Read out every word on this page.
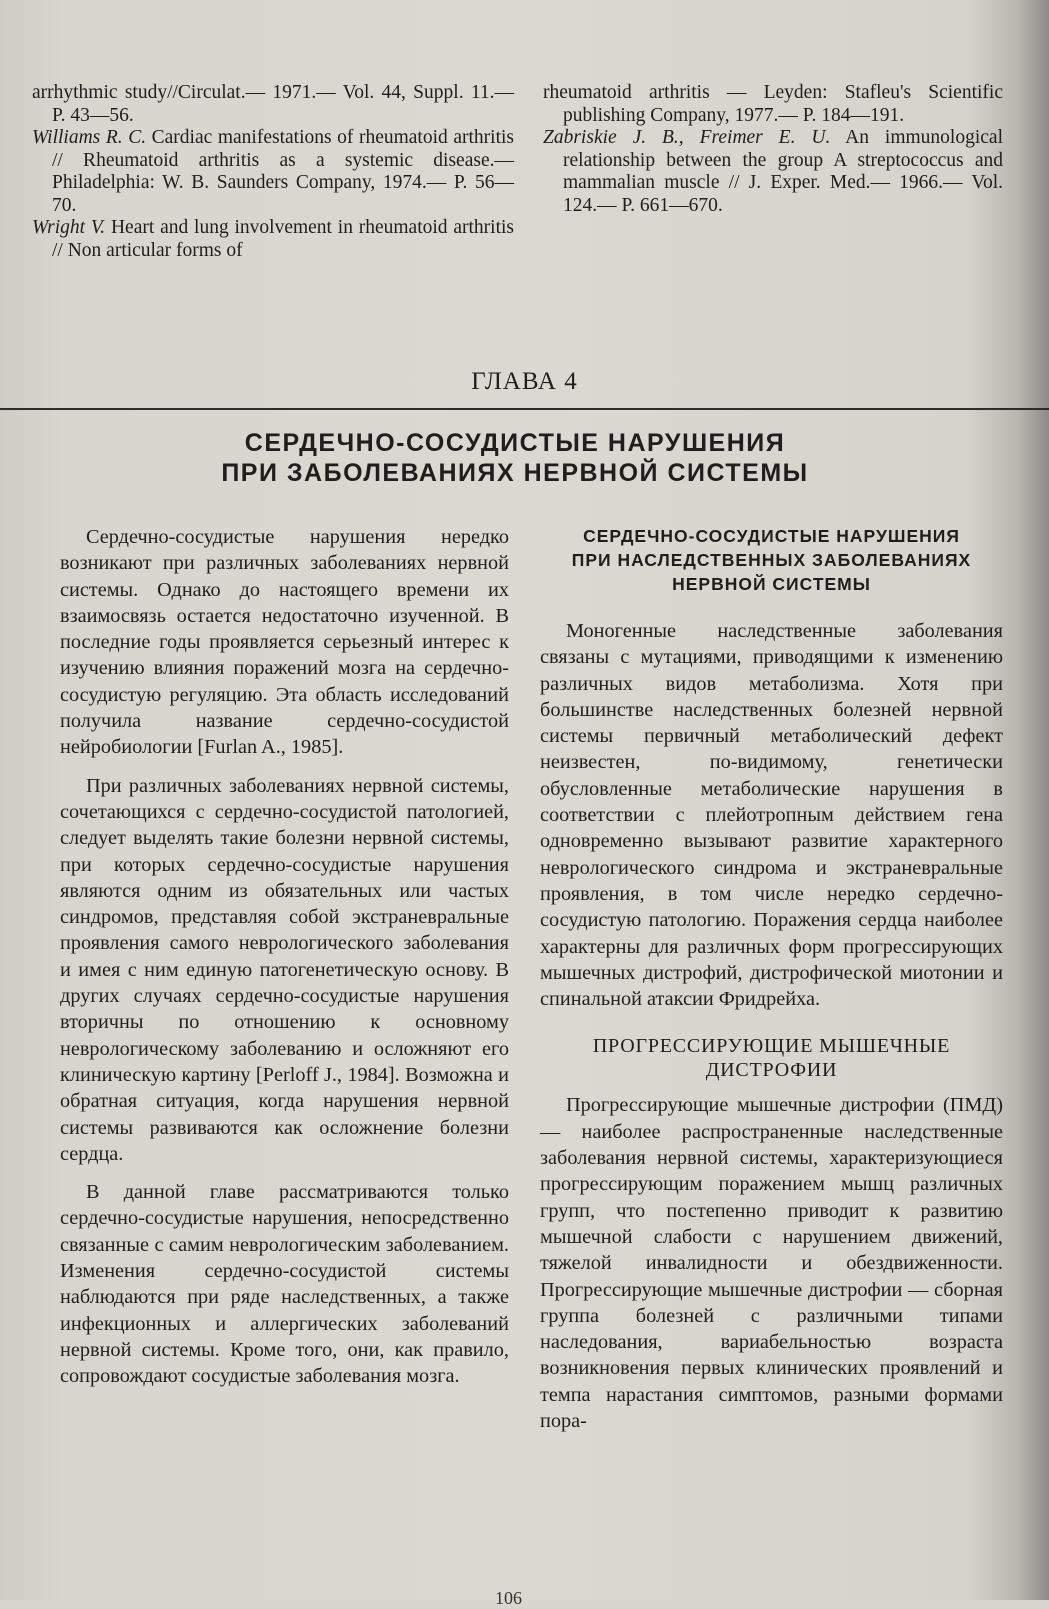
arrhythmic study//Circulat.— 1971.— Vol. 44, Suppl. 11.— P. 43—56.

Williams R. C. Cardiac manifestations of rheumatoid arthritis // Rheumatoid arthritis as a systemic disease.— Philadelphia: W. B. Saunders Company, 1974.— P. 56—70.

Wright V. Heart and lung involvement in rheumatoid arthritis // Non articular forms of

rheumatoid arthritis — Leyden: Stafleu's Scientific publishing Company, 1977.— P. 184—191.

Zabriskie J. B., Freimer E. U. An immunological relationship between the group A streptococcus and mammalian muscle // J. Exper. Med.— 1966.— Vol. 124.— P. 661—670.

ГЛАВА 4
СЕРДЕЧНО-СОСУДИСТЫЕ НАРУШЕНИЯ
ПРИ ЗАБОЛЕВАНИЯХ НЕРВНОЙ СИСТЕМЫ

Сердечно-сосудистые нарушения нередко возникают при различных заболеваниях нервной системы. Однако до настоящего времени их взаимосвязь остается недостаточно изученной. В последние годы проявляется серьезный интерес к изучению влияния поражений мозга на сердечно-сосудистую регуляцию. Эта область исследований получила название сердечно-сосудистой нейробиологии [Furlan A., 1985].

При различных заболеваниях нервной системы, сочетающихся с сердечно-сосудистой патологией, следует выделять такие болезни нервной системы, при которых сердечно-сосудистые нарушения являются одним из обязательных или частых синдромов, представляя собой экстраневральные проявления самого неврологического заболевания и имея с ним единую патогенетическую основу. В других случаях сердечно-сосудистые нарушения вторичны по отношению к основному неврологическому заболеванию и осложняют его клиническую картину [Perloff J., 1984]. Возможна и обратная ситуация, когда нарушения нервной системы развиваются как осложнение болезни сердца.

В данной главе рассматриваются только сердечно-сосудистые нарушения, непосредственно связанные с самим неврологическим заболеванием. Изменения сердечно-сосудистой системы наблюдаются при ряде наследственных, а также инфекционных и аллергических заболеваний нервной системы. Кроме того, они, как правило, сопровождают сосудистые заболевания мозга.

СЕРДЕЧНО-СОСУДИСТЫЕ НАРУШЕНИЯ
ПРИ НАСЛЕДСТВЕННЫХ ЗАБОЛЕВАНИЯХ
НЕРВНОЙ СИСТЕМЫ

Моногенные наследственные заболевания связаны с мутациями, приводящими к изменению различных видов метаболизма. Хотя при большинстве наследственных болезней нервной системы первичный метаболический дефект неизвестен, по-видимому, генетически обусловленные метаболические нарушения в соответствии с плейотропным действием гена одновременно вызывают развитие характерного неврологического синдрома и экстраневральные проявления, в том числе нередко сердечно-сосудистую патологию. Поражения сердца наиболее характерны для различных форм прогрессирующих мышечных дистрофий, дистрофической миотонии и спинальной атаксии Фридрейха.

ПРОГРЕССИРУЮЩИЕ МЫШЕЧНЫЕ
ДИСТРОФИИ

Прогрессирующие мышечные дистрофии (ПМД) — наиболее распространенные наследственные заболевания нервной системы, характеризующиеся прогрессирующим поражением мышц различных групп, что постепенно приводит к развитию мышечной слабости с нарушением движений, тяжелой инвалидности и обездвиженности. Прогрессирующие мышечные дистрофии — сборная группа болезней с различными типами наследования, вариабельностью возраста возникновения первых клинических проявлений и темпа нарастания симптомов, разными формами пора-

106
